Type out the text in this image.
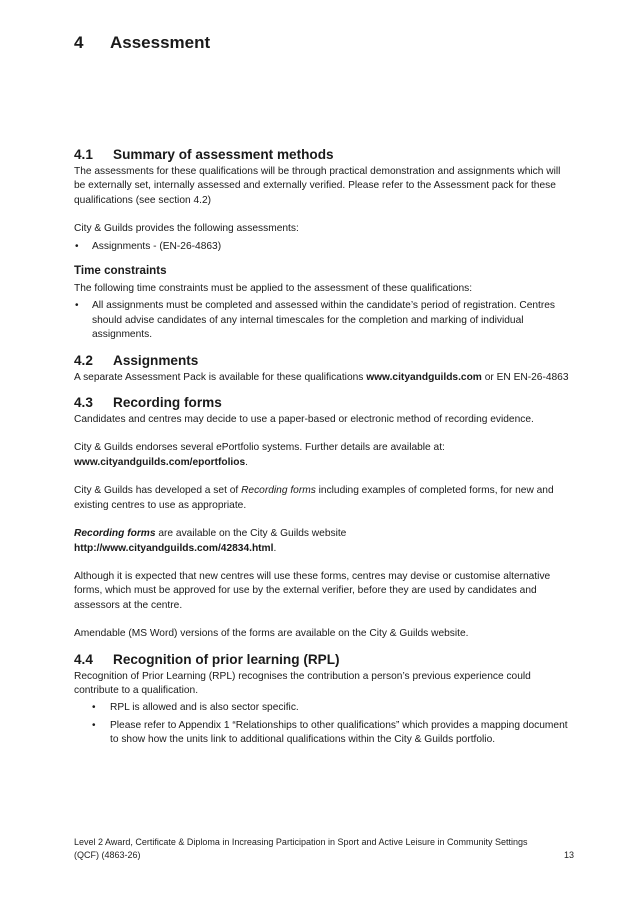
4 Assessment
4.1 Summary of assessment methods

The assessments for these qualifications will be through practical demonstration and assignments which will be externally set, internally assessed and externally verified. Please refer to the Assessment pack for these qualifications (see section 4.2)

City & Guilds provides the following assessments:

• Assignments - (EN-26-4863)

Time constraints

The following time constraints must be applied to the assessment of these qualifications:

• All assignments must be completed and assessed within the candidate’s period of registration. Centres should advise candidates of any internal timescales for the completion and marking of individual assignments.

4.2 Assignments

A separate Assessment Pack is available for these qualifications www.cityandguilds.com or EN EN-26-4863

4.3 Recording forms

Candidates and centres may decide to use a paper-based or electronic method of recording evidence.

City & Guilds endorses several ePortfolio systems. Further details are available at:
www.cityandguilds.com/eportfolios.

City & Guilds has developed a set of Recording forms including examples of completed forms, for new and existing centres to use as appropriate.

Recording forms are available on the City & Guilds website
http://www.cityandguilds.com/42834.html.

Although it is expected that new centres will use these forms, centres may devise or customise alternative forms, which must be approved for use by the external verifier, before they are used by candidates and assessors at the centre.

Amendable (MS Word) versions of the forms are available on the City & Guilds website.

4.4 Recognition of prior learning (RPL)

Recognition of Prior Learning (RPL) recognises the contribution a person’s previous experience could contribute to a qualification.

• RPL is allowed and is also sector specific.

• Please refer to Appendix 1 “Relationships to other qualifications” which provides a mapping document to show how the units link to additional qualifications within the City & Guilds portfolio.

Level 2 Award, Certificate & Diploma in Increasing Participation in Sport and Active Leisure in Community Settings (QCF) (4863-26)	13
